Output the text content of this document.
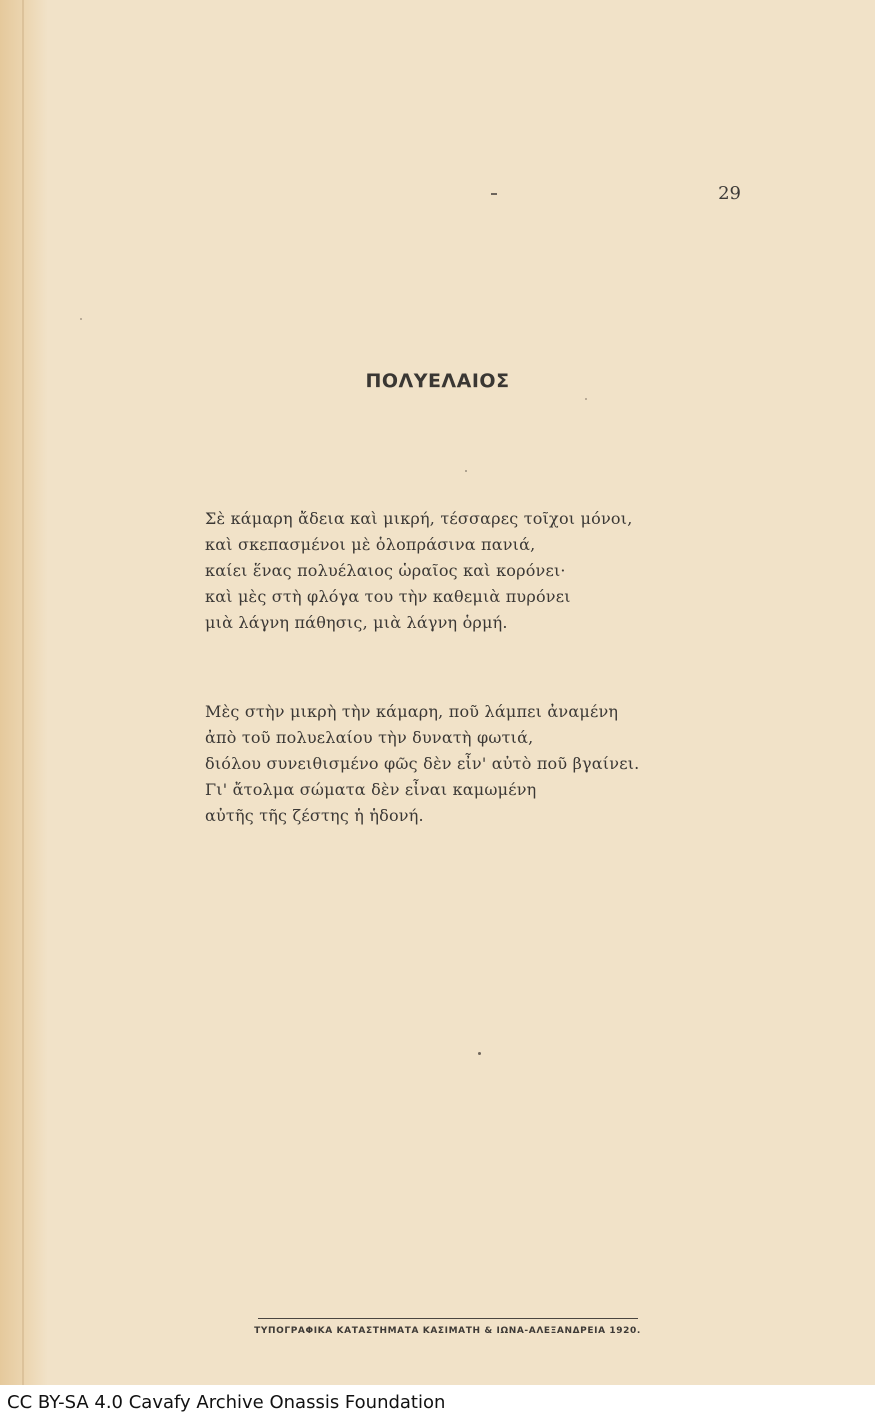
29
ΠΟΛΥΕΛΑΙΟΣ
Σὲ κάμαρη ἄδεια καὶ μικρή, τέσσαρες τοῖχοι μόνοι,
καὶ σκεπασμένοι μὲ ὁλοπράσινα πανιά,
καίει ἕνας πολυέλαιος ὡραῖος καὶ κορόνει·
καὶ μὲς στὴ φλόγα του τὴν καθεμιὰ πυρόνει
μιὰ λάγνη πάθησις, μιὰ λάγνη ὁρμή.
Μὲς στὴν μικρὴ τὴν κάμαρη, ποῦ λάμπει ἀναμένη
ἀπὸ τοῦ πολυελαίου τὴν δυνατὴ φωτιά,
διόλου συνειθισμένο φῶς δὲν εἶν' αὐτὸ ποῦ βγαίνει.
Γι' ἄτολμα σώματα δὲν εἶναι καμωμένη
αὐτῆς τῆς ζέστης ἡ ἡδονή.
ΤΥΠΟΓΡΑΦΙΚΑ ΚΑΤΑΣΤΗΜΑΤΑ ΚΑΣΙΜΑΤΗ & ΙΩΝΑ-ΑΛΕΞΑΝΔΡΕΙΑ 1920.
CC BY-SA 4.0 Cavafy Archive Onassis Foundation
